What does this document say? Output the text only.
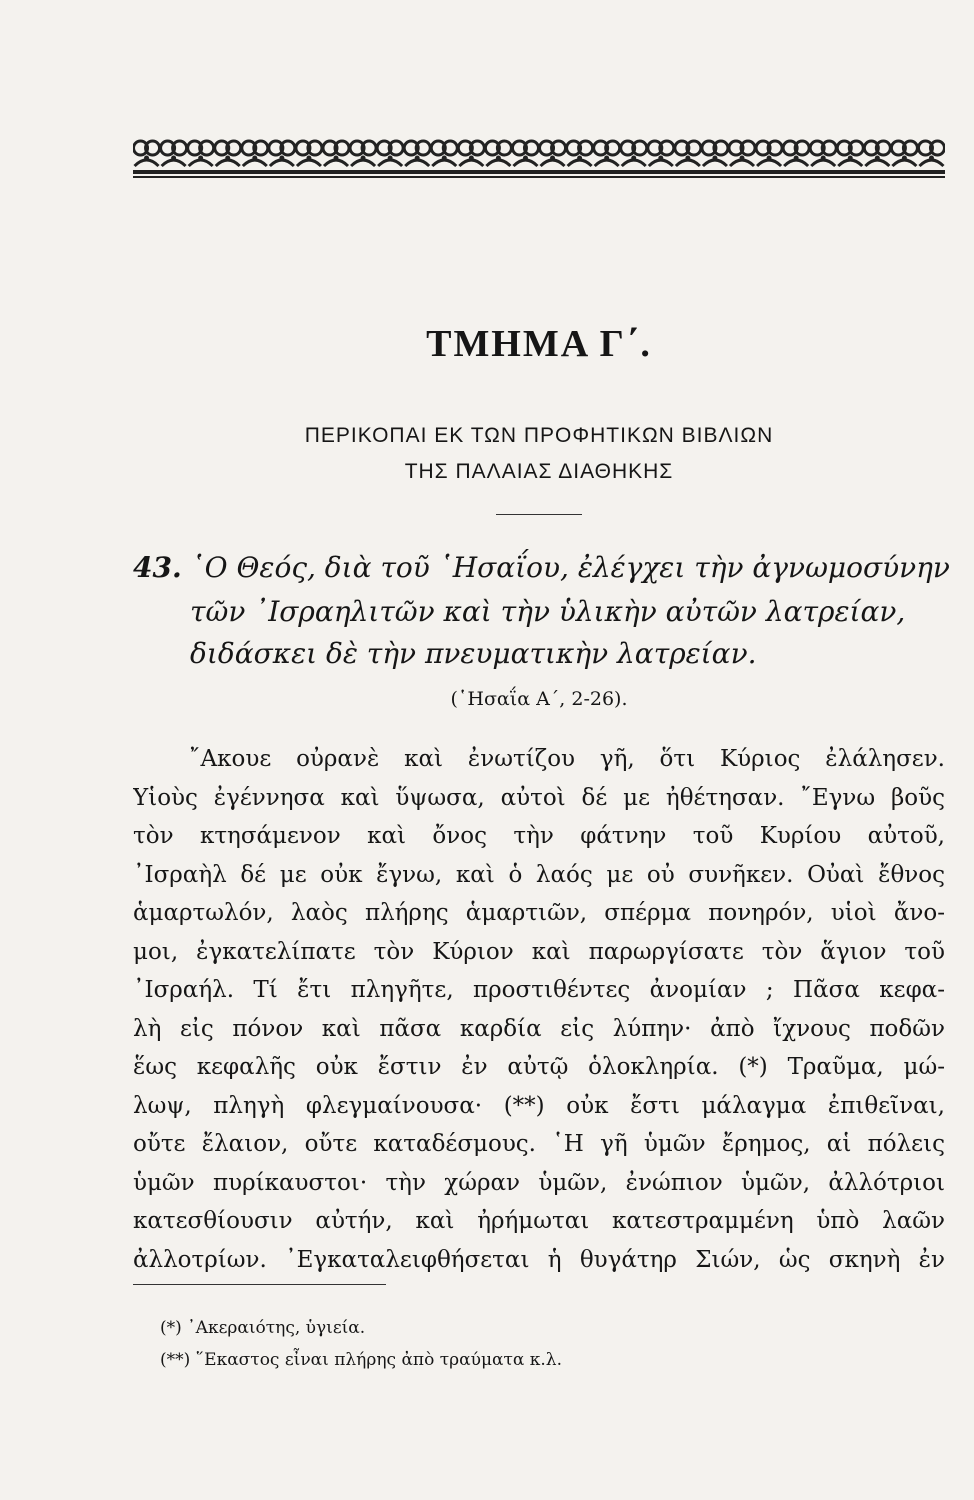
ΤΜΗΜΑ Γ΄.

ΠΕΡΙΚΟΠΑΙ ΕΚ ΤΩΝ ΠΡΟΦΗΤΙΚΩΝ ΒΙΒΛΙΩΝ

ΤΗΣ ΠΑΛΑΙΑΣ ΔΙΑΘΗΚΗΣ

43. ῾Ο Θεός, διὰ τοῦ ῾Ησαΐου, ἐλέγχει τὴν ἀγνωμοσύνην

τῶν ᾿Ισραηλιτῶν καὶ τὴν ὑλικὴν αὐτῶν λατρείαν,

διδάσκει δὲ τὴν πνευματικὴν λατρείαν.

(῾Ησαΐα Α΄, 2-26).

῎Ακουε οὐρανὲ καὶ ἐνωτίζου γῆ, ὅτι Κύριος ἐλάλησεν.
Υἱοὺς ἐγέννησα καὶ ὕψωσα, αὐτοὶ δέ με ἠθέτησαν. ῎Εγνω βοῦς
τὸν κτησάμενον καὶ ὄνος τὴν φάτνην τοῦ Κυρίου αὐτοῦ,
᾿Ισραὴλ δέ με οὐκ ἔγνω, καὶ ὁ λαός με οὐ συνῆκεν. Οὐαὶ ἔθνος
ἁμαρτωλόν, λαὸς πλήρης ἁμαρτιῶν, σπέρμα πονηρόν, υἱοὶ ἄνο-
μοι, ἐγκατελίπατε τὸν Κύριον καὶ παρωργίσατε τὸν ἅγιον τοῦ
᾿Ισραήλ. Τί ἔτι πληγῆτε, προστιθέντες ἀνομίαν ; Πᾶσα κεφα-
λὴ εἰς πόνον καὶ πᾶσα καρδία εἰς λύπην· ἀπὸ ἴχνους ποδῶν
ἕως κεφαλῆς οὐκ ἔστιν ἐν αὐτῷ ὁλοκληρία. (*) Τραῦμα, μώ-
λωψ, πληγὴ φλεγμαίνουσα· (**) οὐκ ἔστι μάλαγμα ἐπιθεῖναι,
οὔτε ἔλαιον, οὔτε καταδέσμους. ῾Η γῆ ὑμῶν ἔρημος, αἱ πόλεις
ὑμῶν πυρίκαυστοι· τὴν χώραν ὑμῶν, ἐνώπιον ὑμῶν, ἀλλότριοι
κατεσθίουσιν αὐτήν, καὶ ἠρήμωται κατεστραμμένη ὑπὸ λαῶν
ἀλλοτρίων. ᾿Εγκαταλειφθήσεται ἡ θυγάτηρ Σιών, ὡς σκηνὴ ἐν

(*) ᾿Ακεραιότης, ὑγιεία.

(**) ῞Εκαστος εἶναι πλήρης ἀπὸ τραύματα κ.λ.
